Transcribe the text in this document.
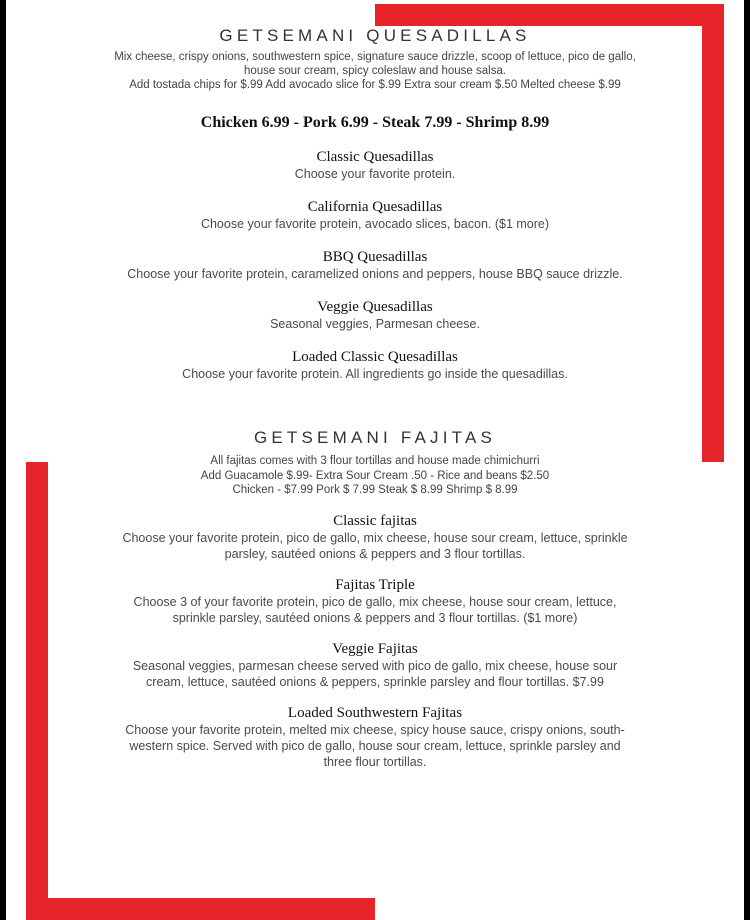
GETSEMANI QUESADILLAS
Mix cheese, crispy onions, southwestern spice, signature sauce drizzle, scoop of lettuce, pico de gallo,
house sour cream, spicy coleslaw and house salsa.
Add tostada chips for $.99 Add avocado slice for $.99 Extra sour cream $.50 Melted cheese $.99
Chicken 6.99 - Pork 6.99 - Steak 7.99 - Shrimp 8.99
Classic Quesadillas
Choose your favorite protein.
California Quesadillas
Choose your favorite protein, avocado slices, bacon. ($1 more)
BBQ Quesadillas
Choose your favorite protein, caramelized onions and peppers, house BBQ sauce drizzle.
Veggie Quesadillas
Seasonal veggies, Parmesan cheese.
Loaded Classic Quesadillas
Choose your favorite protein. All ingredients go inside the quesadillas.
GETSEMANI FAJITAS
All fajitas comes with 3 flour tortillas and house made chimichurri
Add Guacamole $.99- Extra Sour Cream .50 - Rice and beans $2.50
Chicken - $7.99 Pork $ 7.99 Steak $ 8.99 Shrimp $ 8.99
Classic fajitas
Choose your favorite protein, pico de gallo, mix cheese, house sour cream, lettuce, sprinkle
parsley, sautéed onions & peppers and 3 flour tortillas.
Fajitas Triple
Choose 3 of your favorite protein, pico de gallo, mix cheese, house sour cream, lettuce,
sprinkle parsley, sautéed onions & peppers and 3 flour tortillas. ($1 more)
Veggie Fajitas
Seasonal veggies, parmesan cheese served with pico de gallo, mix cheese, house sour
cream, lettuce, sautéed onions & peppers, sprinkle parsley and flour tortillas. $7.99
Loaded Southwestern Fajitas
Choose your favorite protein, melted mix cheese, spicy house sauce, crispy onions, south-
western spice. Served with pico de gallo, house sour cream, lettuce, sprinkle parsley and
three flour tortillas.
